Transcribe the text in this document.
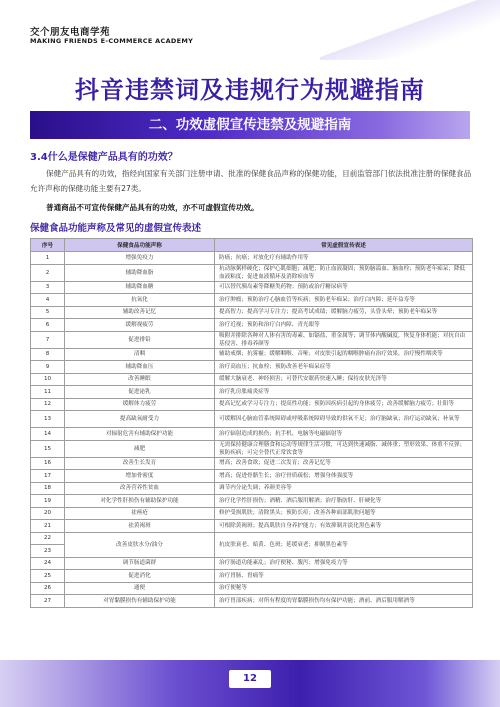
交个朋友电商学苑
MAKING FRIENDS E-COMMERCE ACADEMY
抖音违禁词及违规行为规避指南
二、功效虚假宣传违禁及规避指南
3.4什么是保健产品具有的功效？
保健产品具有的功效，指经向国家有关部门注册申请、批准的保健食品声称的保健功能，目前监管部门依法批准注册的保健食品允许声称的保健功能主要有27类。
普通商品不可宣传保健产品具有的功效，亦不可虚假宣传功效。
保健食品功能声称及常见的虚假宣传表述
序号	保健食品功能声称	常见虚假宣传表述
1	增强免疫力	防癌；抗癌；对放化疗有辅助作用等
2	辅助降血脂	抗动脉粥样硬化；保护心肌细胞；减肥；防止血液凝固；预防脑溢血、脑血栓；预防老年痴呆；降低血液粘度；促进血液循环及消除瘀血等
3	辅助降血糖	可以替代胰岛素等降糖类药物；预防或治疗糖尿病等
4	抗氧化	治疗肿瘤；预防治疗心脑血管等疾病；预防老年痴呆；治疗白内障；延年益寿等
5	辅助改善记忆	提高智力；提高学习专注力；提高考试成绩；缓解脑力疲劳，头昏头晕；预防老年痴呆等
6	缓解视疲劳	治疗近视；预防和治疗白内障、青光眼等
7	促进排铅	吸附并排除各种对人体有害的毒素、如镉盐、重金属等；调节体内酸碱度，恢复身体机能；对抗自由基侵害、排毒养颜等
8	清咽	辅助戒烟；抗雾霾；缓解咽喉、音哑；对皮肤引起的咽喉肿痛有治疗效果，治疗慢性咽炎等
9	辅助降血压	治疗高血压；抗血栓；预防改善老年痴呆症等
10	改善睡眠	缓解大脑衰老、神经损害；可替代安眠药快速入睡；保持皮肤光泽等
11	促进泌乳	治疗乳房胀痛炎症等
12	缓解体力疲劳	提高记忆或学习专注力；提高性功能；预防因疾病引起的身体疲劳；改善缓解脑力疲劳；壮阳等
13	提高缺氧耐受力	可缓解因心脑血管系统障碍或呼吸系统障碍导致的供氧不足；治疗脑缺氧；治疗运动缺氧；补氧等
14	对辐射危害有辅助保护功能	治疗辐射造成的损伤；抗手机、电脑等电磁辐射等
15	减肥	无需保持健康合理膳食和运动等规律生活习惯，可达到快速减脂、减体重；塑形效果、体重不反弹；预防疾病；可完全替代正常饮食等
16	改善生长发育	增高；改善食欲；促进二次发育；改善记忆等
17	增加骨密度	增高；促进骨骼生长；治疗骨质疏松；增强身体强度等
18	改善营养性贫血	调节内分泌失调；养颜美容等
19	对化学性肝损伤有辅助保护功能	治疗化学性肝损伤；酒精、酒后服用解酒；治疗脂肪肝、肝硬化等
20	祛痤疮	修护受损肌肤；清除黑头；预防长痘；改善各种面部肌肤问题等
21	祛黄褐斑	可根除黄褐斑；提高肌肤自身养护能力；有效抑制并淡化黑色素等
22	改善皮肤水分/油分	抗皮肤衰老、暗黄、色斑；延缓衰老；抑制黑色素等
23		
24	调节肠道菌群	治疗肠道功能紊乱；治疗便秘、腹泻；增强免疫力等
25	促进消化	治疗胃肠、胃痛等
26	通便	治疗便秘等
27	对胃黏膜损伤有辅助保护功能	治疗胃部疾病；对所有程度的胃黏膜损伤均有保护功能；酒前、酒后服用解酒等
12
